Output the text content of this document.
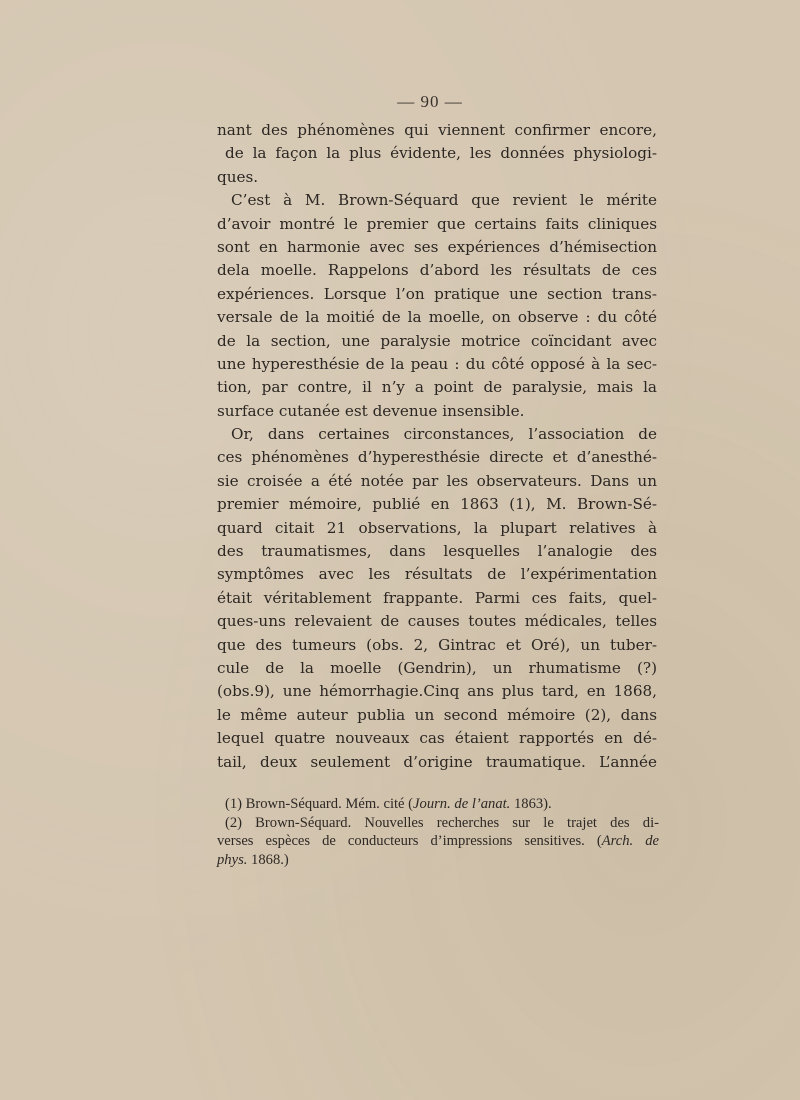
— 90 —
nant des phénomènes qui viennent confirmer encore,
de la façon la plus évidente, les données physiologi-
ques.
C’est à M. Brown-Séquard que revient le mérite
d’avoir montré le premier que certains faits cliniques
sont en harmonie avec ses expériences d’hémisection
dela moelle. Rappelons d’abord les résultats de ces
expériences. Lorsque l’on pratique une section trans-
versale de la moitié de la moelle, on observe : du côté
de la section, une paralysie motrice coïncidant avec
une hyperesthésie de la peau : du côté opposé à la sec-
tion, par contre, il n’y a point de paralysie, mais la
surface cutanée est devenue insensible.
Or, dans certaines circonstances, l’association de
ces phénomènes d’hyperesthésie directe et d’anesthé-
sie croisée a été notée par les observateurs. Dans un
premier mémoire, publié en 1863 (1), M. Brown-Sé-
quard citait 21 observations, la plupart relatives à
des traumatismes, dans lesquelles l’analogie des
symptômes avec les résultats de l’expérimentation
était véritablement frappante. Parmi ces faits, quel-
ques-uns relevaient de causes toutes médicales, telles
que des tumeurs (obs. 2, Gintrac et Oré), un tuber-
cule de la moelle (Gendrin), un rhumatisme (?)
(obs.9), une hémorrhagie.Cinq ans plus tard, en 1868,
le même auteur publia un second mémoire (2), dans
lequel quatre nouveaux cas étaient rapportés en dé-
tail, deux seulement d’origine traumatique. L’année
(1) Brown-Séquard. Mém. cité (Journ. de l’anat. 1863).
(2) Brown-Séquard. Nouvelles recherches sur le trajet des di-
verses espèces de conducteurs d’impressions sensitives. (Arch. de
phys. 1868.)
